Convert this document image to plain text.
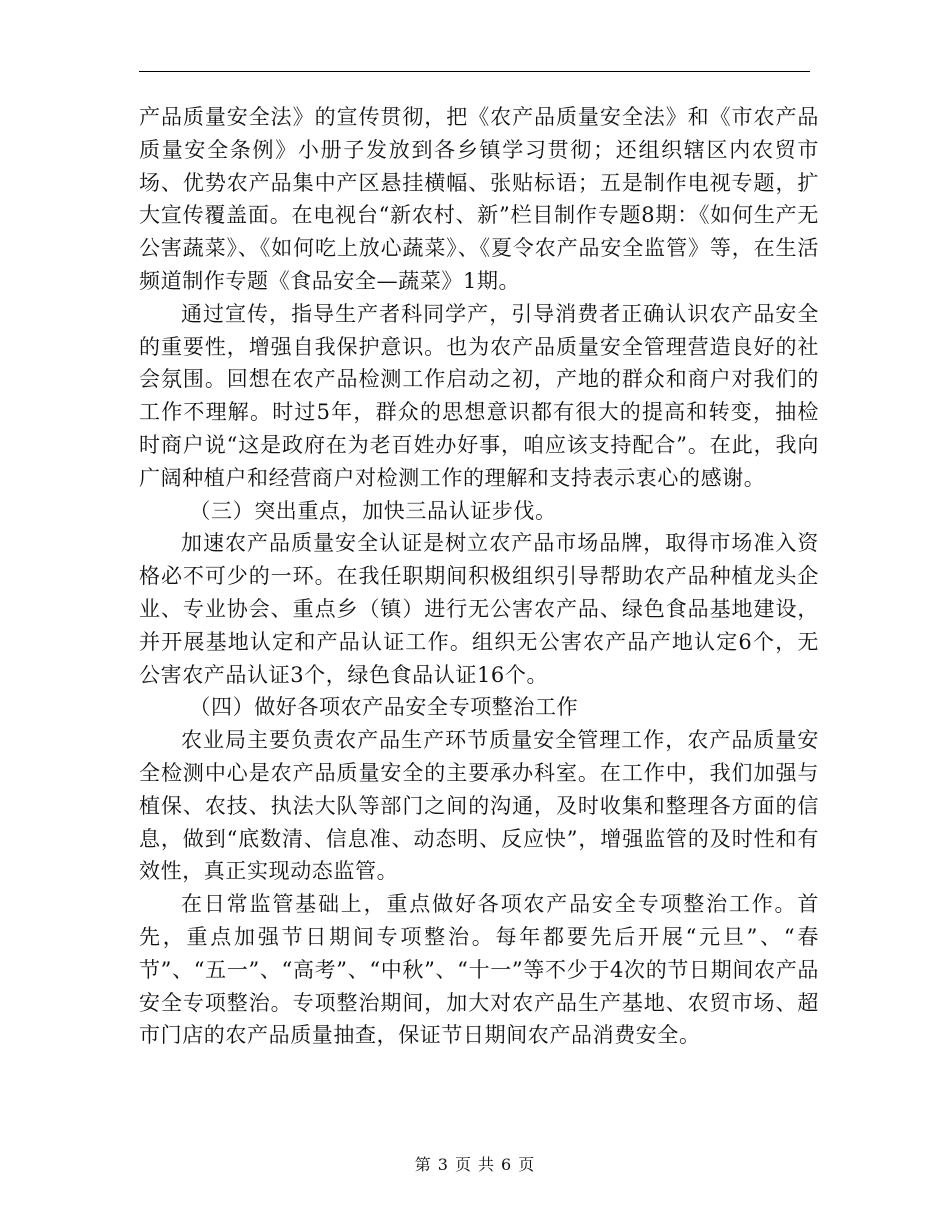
产品质量安全法》的宣传贯彻，把《农产品质量安全法》和《市农产品质量安全条例》小册子发放到各乡镇学习贯彻；还组织辖区内农贸市场、优势农产品集中产区悬挂横幅、张贴标语；五是制作电视专题，扩大宣传覆盖面。在电视台“新农村、新”栏目制作专题8期：《如何生产无公害蔬菜》、《如何吃上放心蔬菜》、《夏令农产品安全监管》等，在生活频道制作专题《食品安全—蔬菜》1期。

通过宣传，指导生产者科同学产，引导消费者正确认识农产品安全的重要性，增强自我保护意识。也为农产品质量安全管理营造良好的社会氛围。回想在农产品检测工作启动之初，产地的群众和商户对我们的工作不理解。时过5年，群众的思想意识都有很大的提高和转变，抽检时商户说“这是政府在为老百姓办好事，咱应该支持配合”。在此，我向广阔种植户和经营商户对检测工作的理解和支持表示衷心的感谢。

（三）突出重点，加快三品认证步伐。

加速农产品质量安全认证是树立农产品市场品牌，取得市场准入资格必不可少的一环。在我任职期间积极组织引导帮助农产品种植龙头企业、专业协会、重点乡（镇）进行无公害农产品、绿色食品基地建设，并开展基地认定和产品认证工作。组织无公害农产品产地认定6个，无公害农产品认证3个，绿色食品认证16个。

（四）做好各项农产品安全专项整治工作

农业局主要负责农产品生产环节质量安全管理工作，农产品质量安全检测中心是农产品质量安全的主要承办科室。在工作中，我们加强与植保、农技、执法大队等部门之间的沟通，及时收集和整理各方面的信息，做到“底数清、信息准、动态明、反应快”，增强监管的及时性和有效性，真正实现动态监管。

在日常监管基础上，重点做好各项农产品安全专项整治工作。首先，重点加强节日期间专项整治。每年都要先后开展“元旦”、“春节”、“五一”、“高考”、“中秋”、“十一”等不少于4次的节日期间农产品安全专项整治。专项整治期间，加大对农产品生产基地、农贸市场、超市门店的农产品质量抽查，保证节日期间农产品消费安全。

第 3 页 共 6 页
